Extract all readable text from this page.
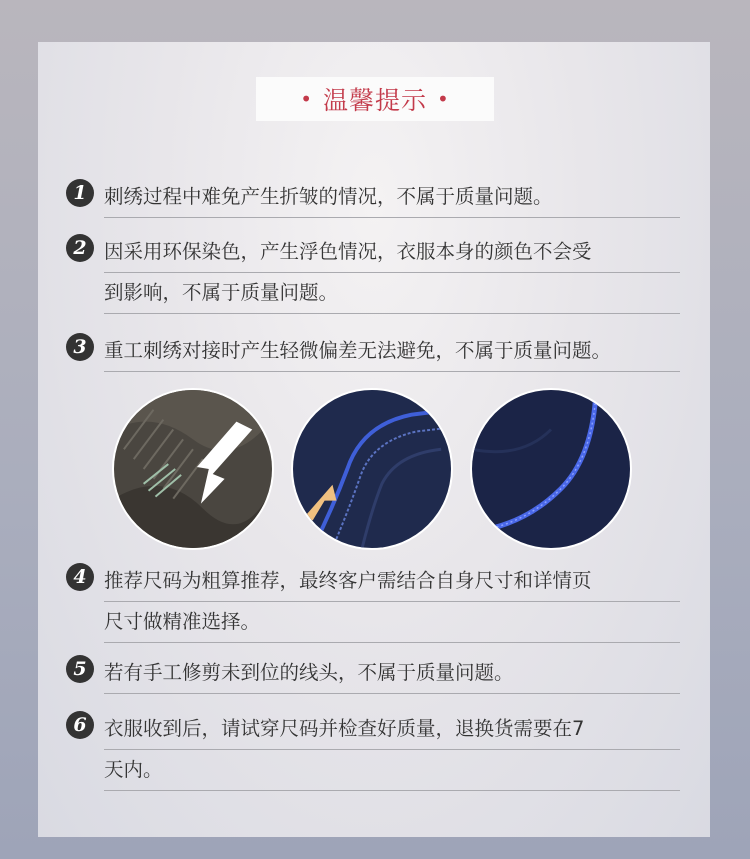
• 温馨提示 •
1 刺绣过程中难免产生折皱的情况，不属于质量问题。
2 因采用环保染色，产生浮色情况，衣服本身的颜色不会受
到影响，不属于质量问题。
3 重工刺绣对接时产生轻微偏差无法避免，不属于质量问题。
4 推荐尺码为粗算推荐，最终客户需结合自身尺寸和详情页
尺寸做精准选择。
5 若有手工修剪未到位的线头，不属于质量问题。
6 衣服收到后，请试穿尺码并检查好质量，退换货需要在7
天内。
